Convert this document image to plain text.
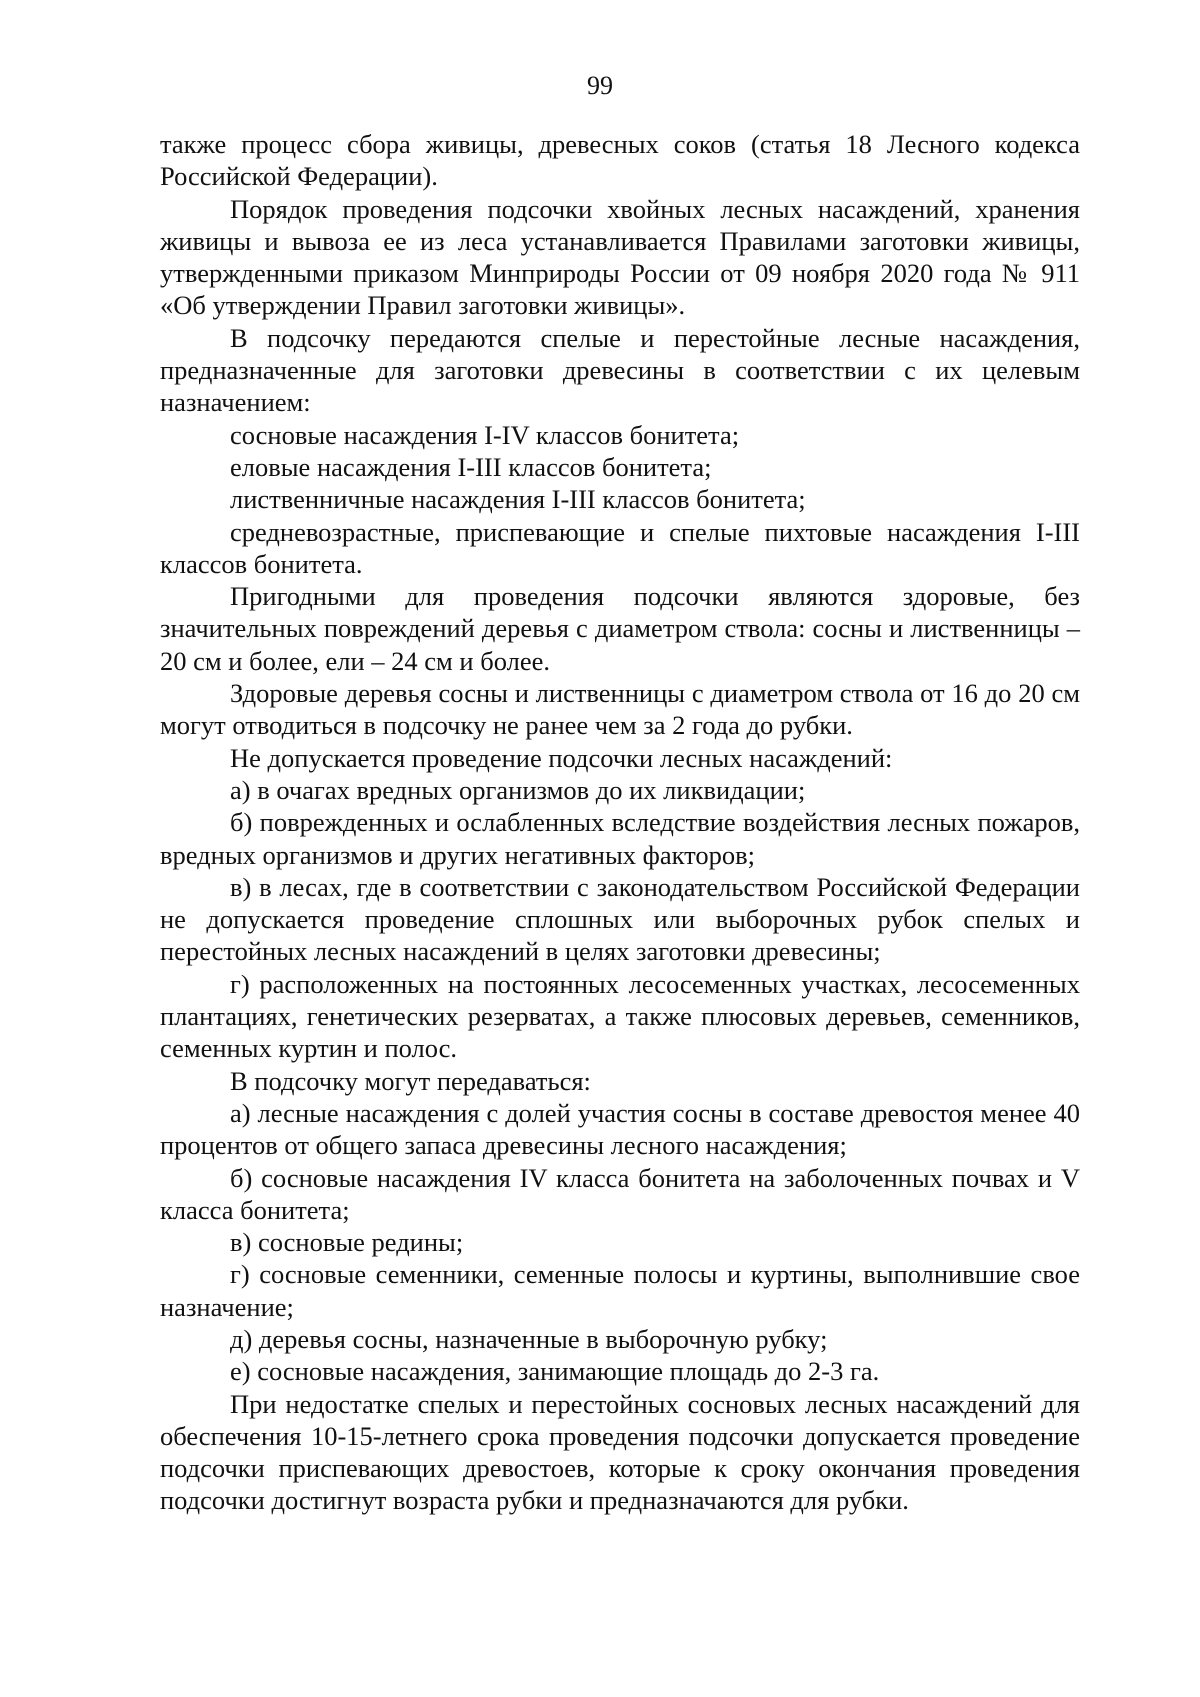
99

также процесс сбора живицы, древесных соков (статья 18 Лесного кодекса Российской Федерации).

Порядок проведения подсочки хвойных лесных насаждений, хранения живицы и вывоза ее из леса устанавливается Правилами заготовки живицы, утвержденными приказом Минприроды России от 09 ноября 2020 года № 911 «Об утверждении Правил заготовки живицы».

В подсочку передаются спелые и перестойные лесные насаждения, предназначенные для заготовки древесины в соответствии с их целевым назначением:

сосновые насаждения I-IV классов бонитета;

еловые насаждения I-III классов бонитета;

лиственничные насаждения I-III классов бонитета;

средневозрастные, приспевающие и спелые пихтовые насаждения I-III классов бонитета.

Пригодными для проведения подсочки являются здоровые, без значительных повреждений деревья с диаметром ствола: сосны и лиственницы – 20 см и более, ели – 24 см и более.

Здоровые деревья сосны и лиственницы с диаметром ствола от 16 до 20 см могут отводиться в подсочку не ранее чем за 2 года до рубки.

Не допускается проведение подсочки лесных насаждений:

а) в очагах вредных организмов до их ликвидации;

б) поврежденных и ослабленных вследствие воздействия лесных пожаров, вредных организмов и других негативных факторов;

в) в лесах, где в соответствии с законодательством Российской Федерации не допускается проведение сплошных или выборочных рубок спелых и перестойных лесных насаждений в целях заготовки древесины;

г) расположенных на постоянных лесосеменных участках, лесосеменных плантациях, генетических резерватах, а также плюсовых деревьев, семенников, семенных куртин и полос.

В подсочку могут передаваться:

а) лесные насаждения с долей участия сосны в составе древостоя менее 40 процентов от общего запаса древесины лесного насаждения;

б) сосновые насаждения IV класса бонитета на заболоченных почвах и V класса бонитета;

в) сосновые редины;

г) сосновые семенники, семенные полосы и куртины, выполнившие свое назначение;

д) деревья сосны, назначенные в выборочную рубку;

е) сосновые насаждения, занимающие площадь до 2-3 га.

При недостатке спелых и перестойных сосновых лесных насаждений для обеспечения 10-15-летнего срока проведения подсочки допускается проведение подсочки приспевающих древостоев, которые к сроку окончания проведения подсочки достигнут возраста рубки и предназначаются для рубки.
